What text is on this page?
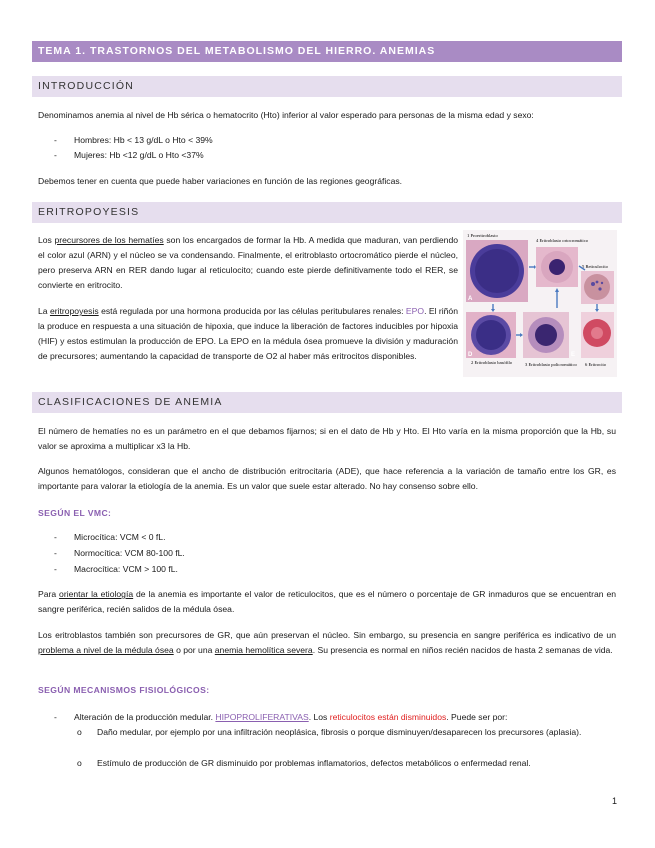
TEMA 1. TRASTORNOS DEL METABOLISMO DEL HIERRO. ANEMIAS
INTRODUCCIÓN
Denominamos anemia al nivel de Hb sérica o hematocrito (Hto) inferior al valor esperado para personas de la misma edad y sexo:
- Hombres: Hb < 13 g/dL o Hto < 39%
- Mujeres: Hb <12 g/dL o Hto <37%
Debemos tener en cuenta que puede haber variaciones en función de las regiones geográficas.
ERITROPOYESIS
Los precursores de los hematíes son los encargados de formar la Hb. A medida que maduran, van perdiendo el color azul (ARN) y el núcleo se va condensando. Finalmente, el eritroblasto ortocromático pierde el núcleo, pero preserva ARN en RER dando lugar al reticulocito; cuando este pierde definitivamente todo el RER, se convierte en eritrocito.
La eritropoyesis está regulada por una hormona producida por las células peritubulares renales: EPO. El riñón la produce en respuesta a una situación de hipoxia, que induce la liberación de factores inducibles por hipoxia (HIF) y estos estimulan la producción de EPO. La EPO en la médula ósea promueve la división y maduración de precursores; aumentando la capacidad de transporte de O2 al haber más eritrocitos disponibles.
1 Proeritroblasto
4 Eritroblasto ortocromático
5 Reticulocito
2 Eritroblasto basófilo	3 Eritroblasto policromático 6 Eritrocito
A
D	E
CLASIFICACIONES DE ANEMIA
El número de hematíes no es un parámetro en el que debamos fijarnos; si en el dato de Hb y Hto. El Hto varía en la misma proporción que la Hb, su valor se aproxima a multiplicar x3 la Hb.
Algunos hematólogos, consideran que el ancho de distribución eritrocitaria (ADE), que hace referencia a la variación de tamaño entre los GR, es importante para valorar la etiología de la anemia. Es un valor que suele estar alterado. No hay consenso sobre ello.
SEGÚN EL VMC:
- Microcítica: VCM < 0 fL.
- Normocítica: VCM 80-100 fL.
- Macrocítica: VCM > 100 fL.
Para orientar la etiología de la anemia es importante el valor de reticulocitos, que es el número o porcentaje de GR inmaduros que se encuentran en sangre periférica, recién salidos de la médula ósea.
Los eritroblastos también son precursores de GR, que aún preservan el núcleo. Sin embargo, su presencia en sangre periférica es indicativo de un problema a nivel de la médula ósea o por una anemia hemolítica severa. Su presencia es normal en niños recién nacidos de hasta 2 semanas de vida.
SEGÚN MECANISMOS FISIOLÓGICOS:
- Alteración de la producción medular. HIPOPROLIFERATIVAS. Los reticulocitos están disminuidos. Puede ser por:
o Daño medular, por ejemplo por una infiltración neoplásica, fibrosis o porque disminuyen/desaparecen los precursores (aplasia).
o Estímulo de producción de GR disminuido por problemas inflamatorios, defectos metabólicos o enfermedad renal.
1
